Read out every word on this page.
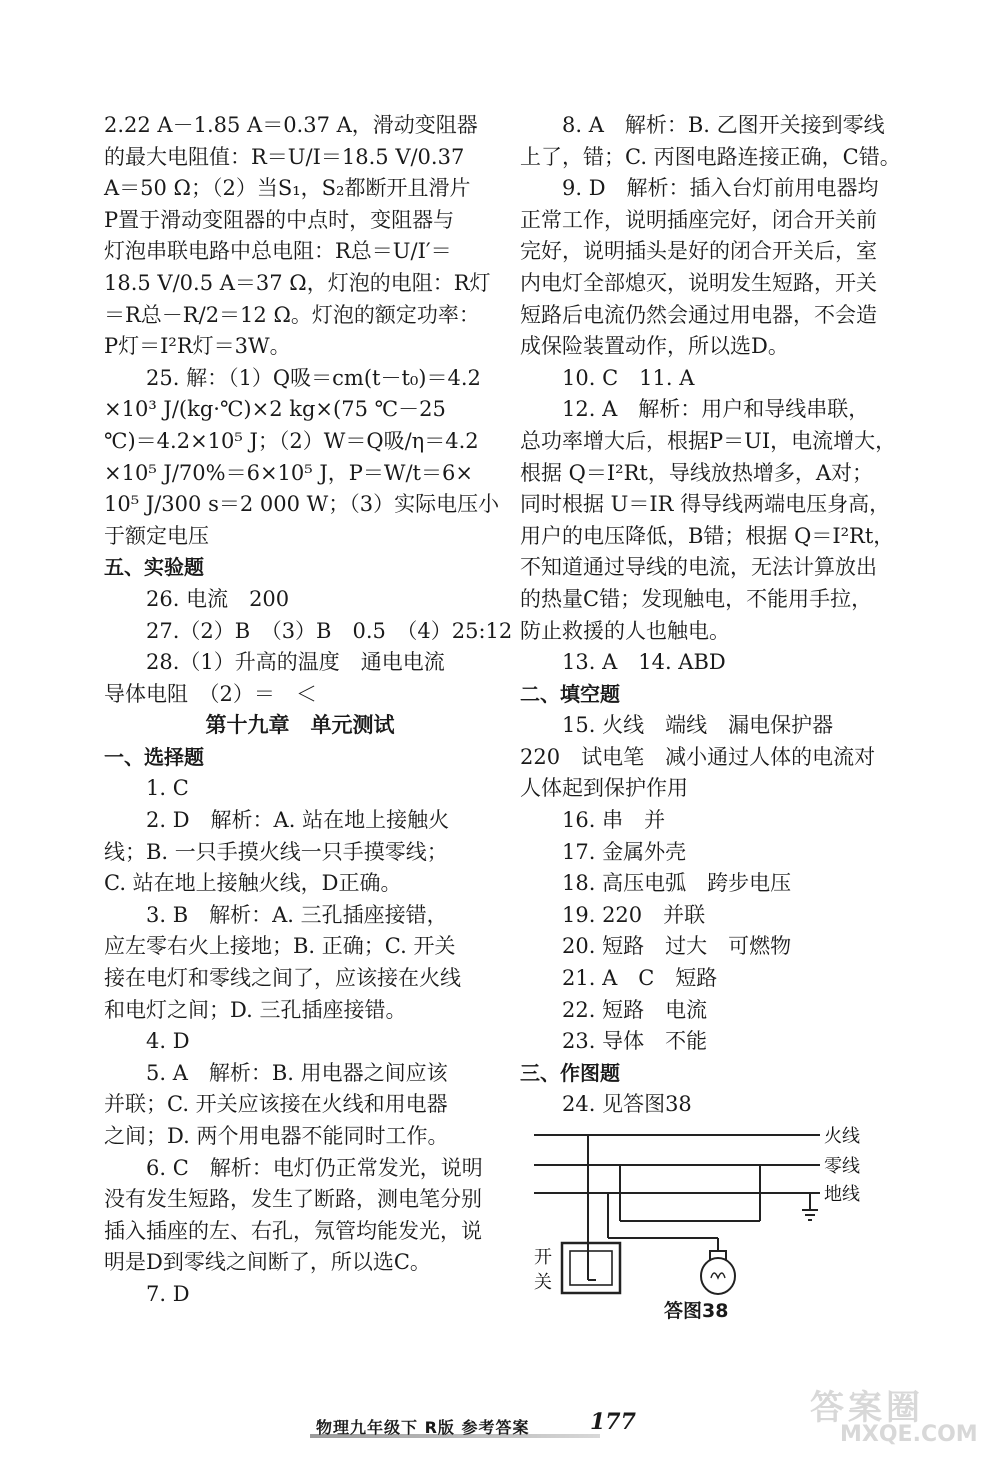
2.22 A－1.85 A＝0.37 A，滑动变阻器
的最大电阻值：R＝U/I＝18.5 V/0.37
A＝50 Ω；（2）当S₁，S₂都断开且滑片
P置于滑动变阻器的中点时，变阻器与
灯泡串联电路中总电阻：R总＝U/I′＝
18.5 V/0.5 A＝37 Ω，灯泡的电阻：R灯
＝R总－R/2＝12 Ω。灯泡的额定功率：
P灯＝I²R灯＝3W。
25. 解：（1）Q吸＝cm(t－t₀)＝4.2
×10³ J/(kg·℃)×2 kg×(75 ℃－25
℃)＝4.2×10⁵ J；（2）W＝Q吸/η＝4.2
×10⁵ J/70%＝6×10⁵ J，P＝W/t＝6×
10⁵ J/300 s＝2 000 W；（3）实际电压小
于额定电压
五、实验题
26. 电流　200
27.（2）B　（3）B　0.5　（4）25:12
28.（1）升高的温度　通电电流
导体电阻　（2）＝　＜
第十九章　单元测试
一、选择题
1. C
2. D　解析：A. 站在地上接触火
线；B. 一只手摸火线一只手摸零线；
C. 站在地上接触火线，D正确。
3. B　解析：A. 三孔插座接错，
应左零右火上接地；B. 正确；C. 开关
接在电灯和零线之间了，应该接在火线
和电灯之间；D. 三孔插座接错。
4. D
5. A　解析：B. 用电器之间应该
并联；C. 开关应该接在火线和用电器
之间；D. 两个用电器不能同时工作。
6. C　解析：电灯仍正常发光，说明
没有发生短路，发生了断路，测电笔分别
插入插座的左、右孔，氖管均能发光，说
明是D到零线之间断了，所以选C。
7. D
8. A　解析：B. 乙图开关接到零线
上了，错；C. 丙图电路连接正确，C错。
9. D　解析：插入台灯前用电器均
正常工作，说明插座完好，闭合开关前
完好，说明插头是好的闭合开关后，室
内电灯全部熄灭，说明发生短路，开关
短路后电流仍然会通过用电器，不会造
成保险装置动作，所以选D。
10. C　11. A
12. A　解析：用户和导线串联，
总功率增大后，根据P＝UI，电流增大，
根据 Q＝I²Rt，导线放热增多，A对；
同时根据 U＝IR 得导线两端电压身高，
用户的电压降低，B错；根据 Q＝I²Rt，
不知道通过导线的电流，无法计算放出
的热量C错；发现触电，不能用手拉，
防止救援的人也触电。
13. A　14. ABD
二、填空题
15. 火线　端线　漏电保护器
220　试电笔　减小通过人体的电流对
人体起到保护作用
16. 串　并
17. 金属外壳
18. 高压电弧　跨步电压
19. 220　并联
20. 短路　过大　可燃物
21. A　C　短路
22. 短路　电流
23. 导体　不能
三、作图题
24. 见答图38
火线
零线
地线
开
关
答图38
物理九年级下 R版 参考答案	177	答案圈
MXQE.COM
